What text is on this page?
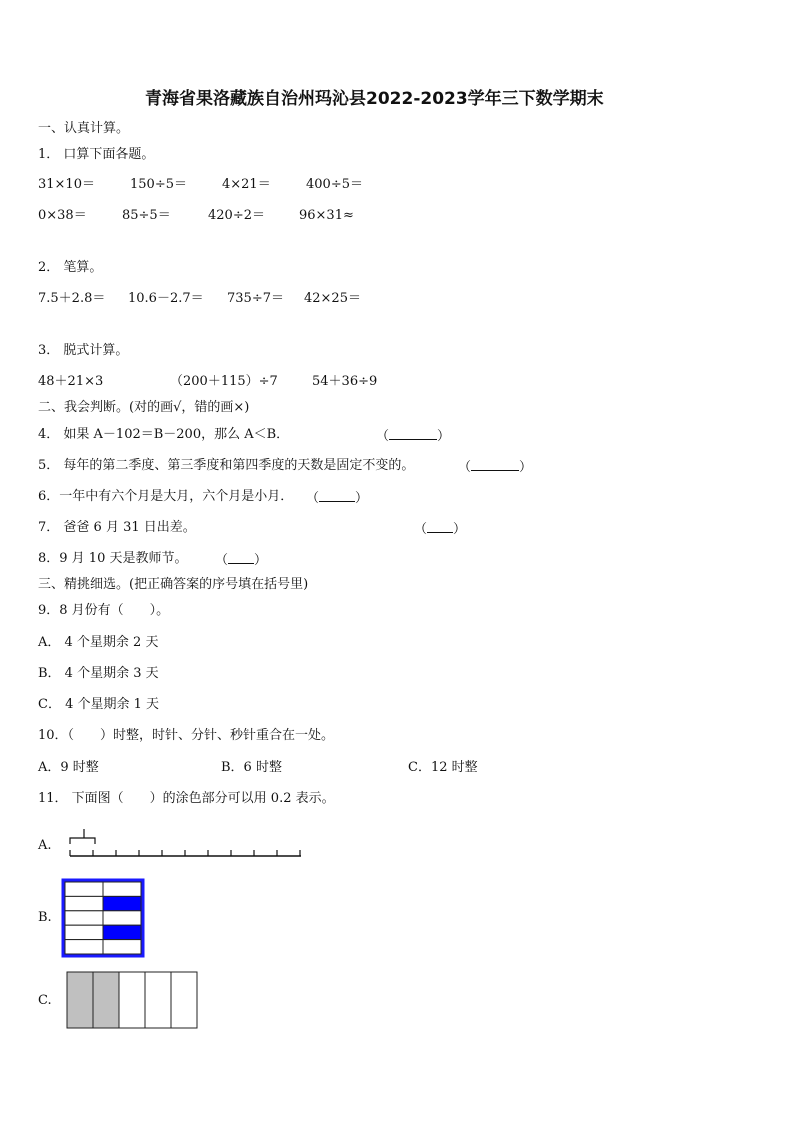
青海省果洛藏族自治州玛沁县2022-2023学年三下数学期末
一、认真计算。
1． 口算下面各题。
31×10＝	150÷5＝	4×21＝	400÷5＝
0×38＝	85÷5＝	420÷2＝	96×31≈
2． 笔算。
7.5＋2.8＝ 10.6－2.7＝ 735÷7＝ 42×25＝
3． 脱式计算。
48＋21×3	（200＋115）÷7	54＋36÷9
二、我会判断。(对的画√，错的画×)
4． 如果 A－102＝B－200，那么 A＜B．	（	）
5． 每年的第二季度、第三季度和第四季度的天数是固定不变的。	（	）
6．一年中有六个月是大月，六个月是小月． （	）
7． 爸爸 6 月 31 日出差。	（ ）
8．9 月 10 天是教师节。 （ ）
三、精挑细选。(把正确答案的序号填在括号里)
9．8 月份有（　　）。
A． 4 个星期余 2 天
B． 4 个星期余 3 天
C． 4 个星期余 1 天
10．（　　）时整，时针、分针、秒针重合在一处。
A．9 时整	B．6 时整	C．12 时整
11． 下面图（　　）的涂色部分可以用 0.2 表示。
A.
B.
C.
